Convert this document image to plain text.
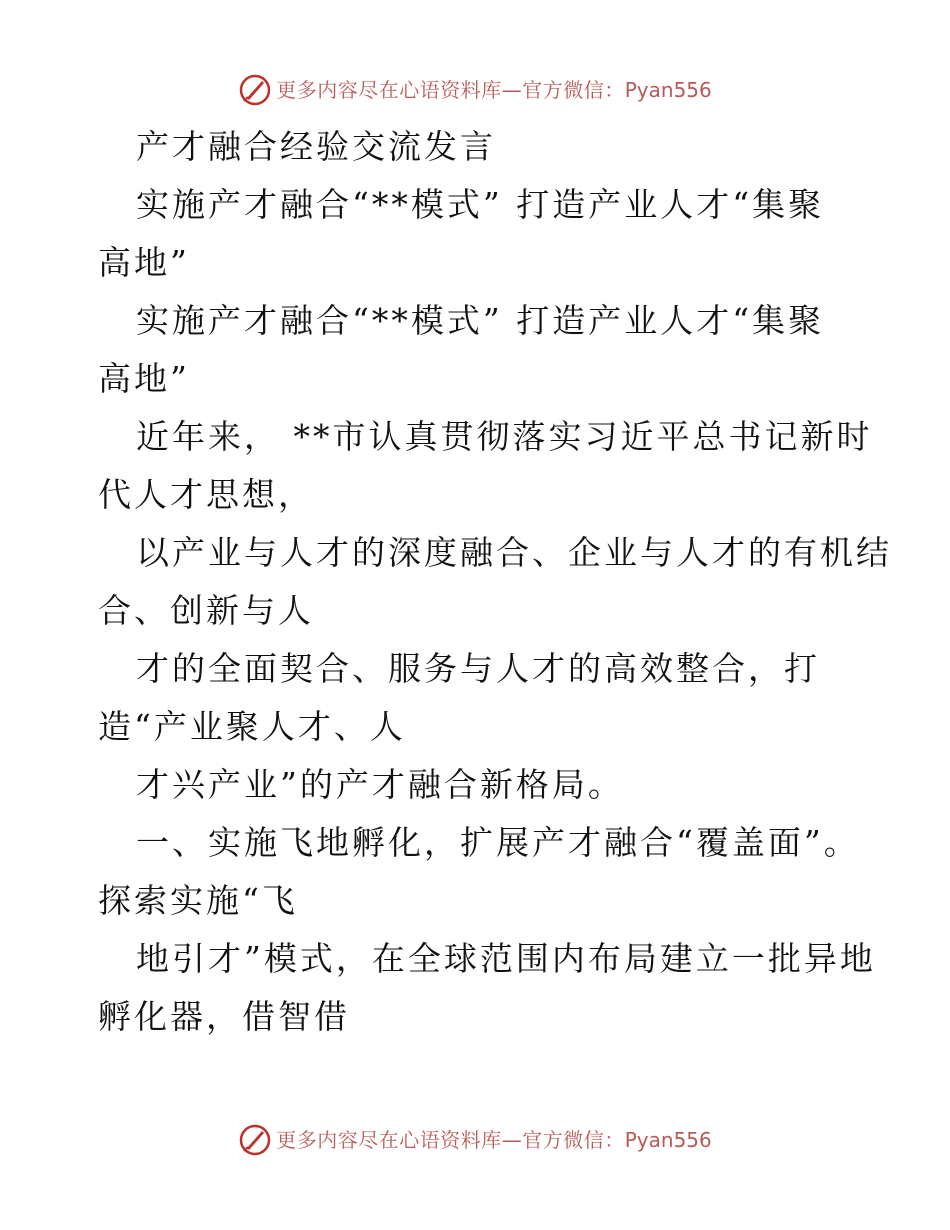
更多内容尽在心语资料库—官方微信： Pyan556
产才融合经验交流发言
实施产才融合“**模式” 打造产业人才“集聚
高地”
实施产才融合“**模式” 打造产业人才“集聚
高地”
近年来， **市认真贯彻落实习近平总书记新时
代人才思想，
以产业与人才的深度融合、企业与人才的有机结
合、创新与人
才的全面契合、服务与人才的高效整合，打
造“产业聚人才、人
才兴产业”的产才融合新格局。
一、实施飞地孵化，扩展产才融合“覆盖面”。
探索实施“飞
地引才”模式，在全球范围内布局建立一批异地
孵化器，借智借
更多内容尽在心语资料库—官方微信： Pyan556
